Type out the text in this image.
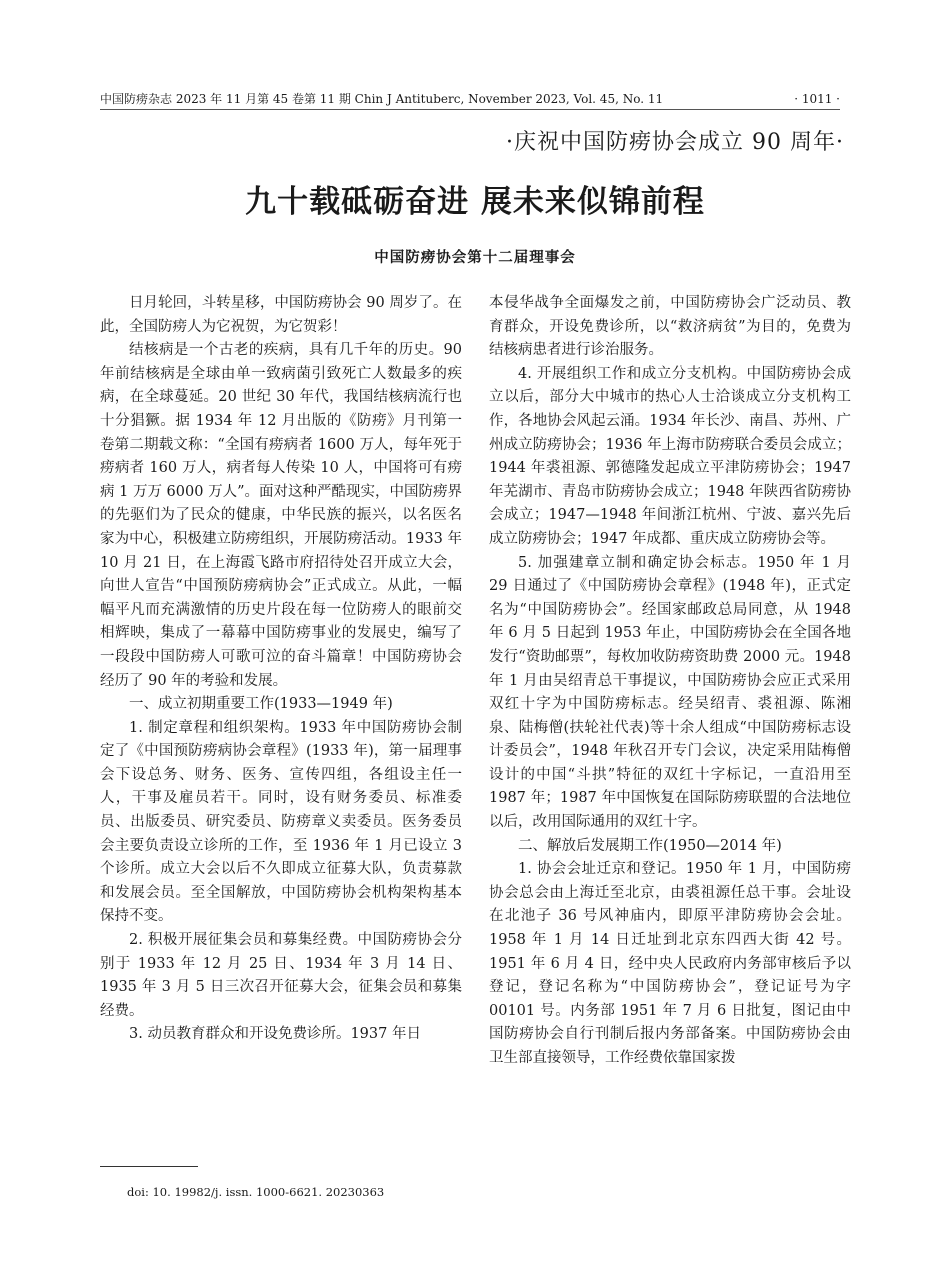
中国防痨杂志 2023 年 11 月第 45 卷第 11 期 Chin J Antituberc, November 2023, Vol. 45, No. 11	· 1011 ·
·庆祝中国防痨协会成立 90 周年·
九十载砥砺奋进 展未来似锦前程
中国防痨协会第十二届理事会

日月轮回，斗转星移，中国防痨协会 90 周岁了。在此，全国防痨人为它祝贺，为它贺彩！

结核病是一个古老的疾病，具有几千年的历史。90 年前结核病是全球由单一致病菌引致死亡人数最多的疾病，在全球蔓延。20 世纪 30 年代，我国结核病流行也十分猖獗。据 1934 年 12 月出版的《防痨》月刊第一卷第二期载文称：“全国有痨病者 1600 万人，每年死于痨病者 160 万人，病者每人传染 10 人，中国将可有痨病 1 万万 6000 万人”。面对这种严酷现实，中国防痨界的先驱们为了民众的健康，中华民族的振兴，以名医名家为中心，积极建立防痨组织，开展防痨活动。1933 年 10 月 21 日，在上海霞飞路市府招待处召开成立大会，向世人宣告“中国预防痨病协会”正式成立。从此，一幅幅平凡而充满激情的历史片段在每一位防痨人的眼前交相辉映，集成了一幕幕中国防痨事业的发展史，编写了一段段中国防痨人可歌可泣的奋斗篇章！中国防痨协会经历了 90 年的考验和发展。

一、成立初期重要工作(1933—1949 年)

1. 制定章程和组织架构。1933 年中国防痨协会制定了《中国预防痨病协会章程》(1933 年)，第一届理事会下设总务、财务、医务、宣传四组，各组设主任一人，干事及雇员若干。同时，设有财务委员、标准委员、出版委员、研究委员、防痨章义卖委员。医务委员会主要负责设立诊所的工作，至 1936 年 1 月已设立 3 个诊所。成立大会以后不久即成立征募大队，负责募款和发展会员。至全国解放，中国防痨协会机构架构基本保持不变。

2. 积极开展征集会员和募集经费。中国防痨协会分别于 1933 年 12 月 25 日、1934 年 3 月 14 日、1935 年 3 月 5 日三次召开征募大会，征集会员和募集经费。

3. 动员教育群众和开设免费诊所。1937 年日

本侵华战争全面爆发之前，中国防痨协会广泛动员、教育群众，开设免费诊所，以“救济病贫”为目的，免费为结核病患者进行诊治服务。

4. 开展组织工作和成立分支机构。中国防痨协会成立以后，部分大中城市的热心人士洽谈成立分支机构工作，各地协会风起云涌。1934 年长沙、南昌、苏州、广州成立防痨协会；1936 年上海市防痨联合委员会成立；1944 年裘祖源、郭德隆发起成立平津防痨协会；1947 年芜湖市、青岛市防痨协会成立；1948 年陕西省防痨协会成立；1947—1948 年间浙江杭州、宁波、嘉兴先后成立防痨协会；1947 年成都、重庆成立防痨协会等。

5. 加强建章立制和确定协会标志。1950 年 1 月 29 日通过了《中国防痨协会章程》(1948 年)，正式定名为“中国防痨协会”。经国家邮政总局同意，从 1948 年 6 月 5 日起到 1953 年止，中国防痨协会在全国各地发行“资助邮票”，每枚加收防痨资助费 2000 元。1948 年 1 月由吴绍青总干事提议，中国防痨协会应正式采用双红十字为中国防痨标志。经吴绍青、裘祖源、陈湘泉、陆梅僧(扶轮社代表)等十余人组成“中国防痨标志设计委员会”，1948 年秋召开专门会议，决定采用陆梅僧设计的中国“斗拱”特征的双红十字标记，一直沿用至 1987 年；1987 年中国恢复在国际防痨联盟的合法地位以后，改用国际通用的双红十字。

二、解放后发展期工作(1950—2014 年)

1. 协会会址迁京和登记。1950 年 1 月，中国防痨协会总会由上海迁至北京，由裘祖源任总干事。会址设在北池子 36 号风神庙内，即原平津防痨协会会址。1958 年 1 月 14 日迁址到北京东四西大街 42 号。1951 年 6 月 4 日，经中央人民政府内务部审核后予以登记，登记名称为“中国防痨协会”，登记证号为字 00101 号。内务部 1951 年 7 月 6 日批复，图记由中国防痨协会自行刊制后报内务部备案。中国防痨协会由卫生部直接领导，工作经费依靠国家拨

doi: 10. 19982/j. issn. 1000-6621. 20230363
